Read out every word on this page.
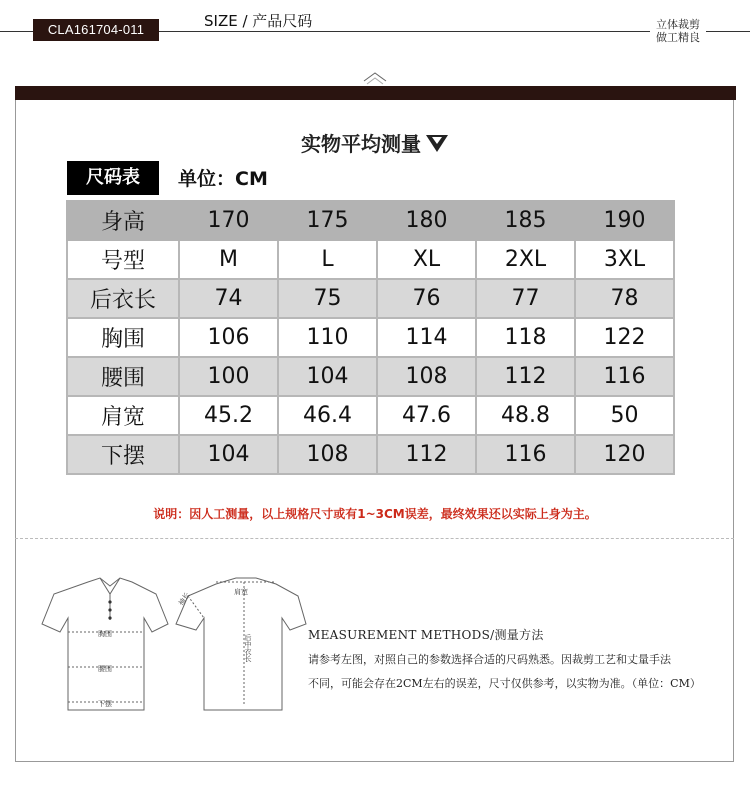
CLA161704-011	SIZE / 产品尺码	立体裁剪
做工精良
实物平均测量
尺码表	单位：CM
身高	170	175	180	185	190
号型	M	L	XL	2XL	3XL
后衣长	74	75	76	77	78
胸围	106	110	114	118	122
腰围	100	104	108	112	116
肩宽	45.2	46.4	47.6	48.8	50
下摆	104	108	112	116	120
说明：因人工测量，以上规格尺寸或有1~3CM误差，最终效果还以实际上身为主。
胸围
腰围
下摆
肩宽
袖长
后中衣长	MEASUREMENT METHODS/测量方法
请参考左图，对照自己的参数选择合适的尺码熟悉。因裁剪工艺和丈量手法
不同，可能会存在2CM左右的误差，尺寸仅供参考，以实物为准。（单位：CM）
